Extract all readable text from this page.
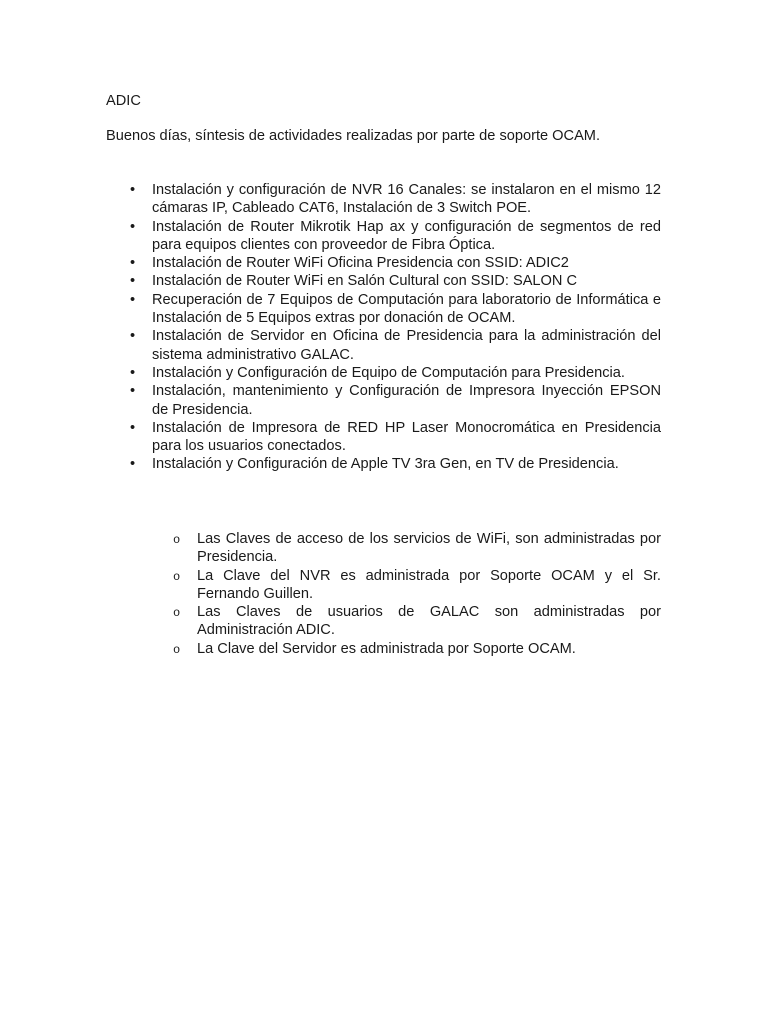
ADIC

Buenos días, síntesis de actividades realizadas por parte de soporte OCAM.

• Instalación y configuración de NVR 16 Canales: se instalaron en el mismo 12 cámaras IP, Cableado CAT6, Instalación de 3 Switch POE.
• Instalación de Router Mikrotik Hap ax y configuración de segmentos de red para equipos clientes con proveedor de Fibra Óptica.
• Instalación de Router WiFi Oficina Presidencia con SSID: ADIC2
• Instalación de Router WiFi en Salón Cultural con SSID: SALON C
• Recuperación de 7 Equipos de Computación para laboratorio de Informática e Instalación de 5 Equipos extras por donación de OCAM.
• Instalación de Servidor en Oficina de Presidencia para la administración del sistema administrativo GALAC.
• Instalación y Configuración de Equipo de Computación para Presidencia.
• Instalación, mantenimiento y Configuración de Impresora Inyección EPSON de Presidencia.
• Instalación de Impresora de RED HP Laser Monocromática en Presidencia para los usuarios conectados.
• Instalación y Configuración de Apple TV 3ra Gen, en TV de Presidencia.
o Las Claves de acceso de los servicios de WiFi, son administradas por Presidencia.
o La Clave del NVR es administrada por Soporte OCAM y el Sr. Fernando Guillen.
o Las Claves de usuarios de GALAC son administradas por Administración ADIC.
o La Clave del Servidor es administrada por Soporte OCAM.
